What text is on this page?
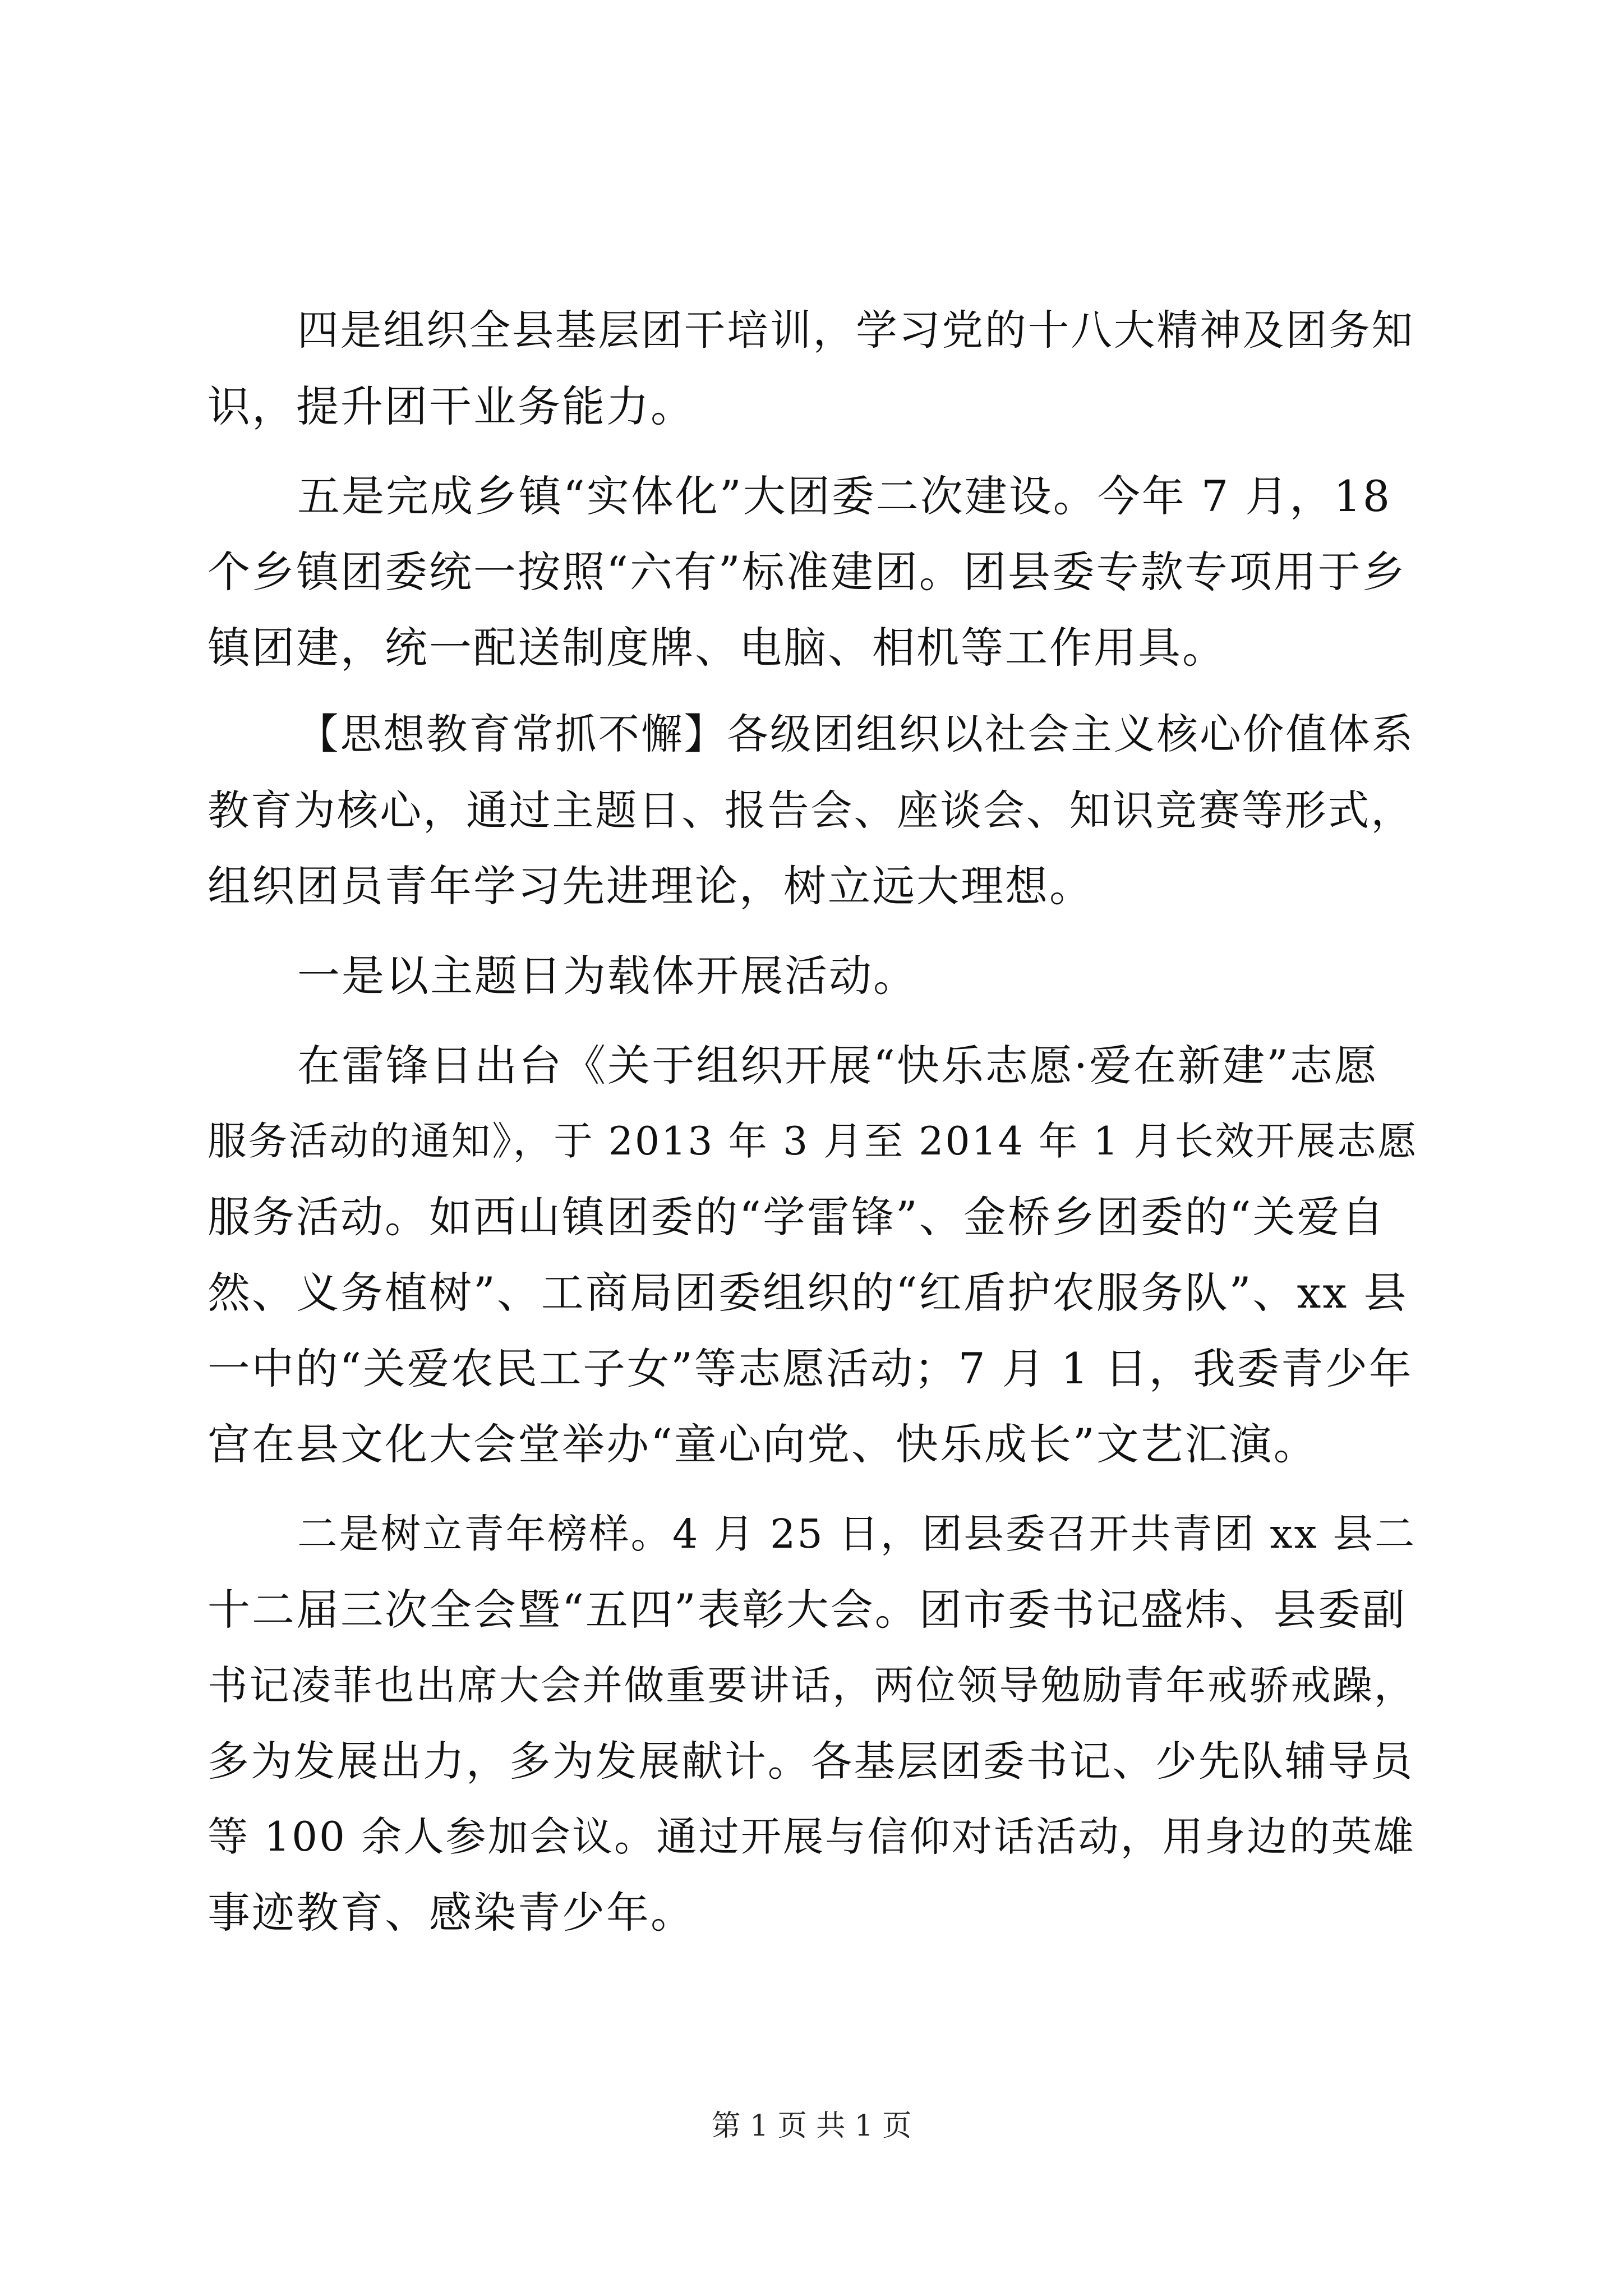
四是组织全县基层团干培训，学习党的十八大精神及团务知
识，提升团干业务能力。
五是完成乡镇“实体化”大团委二次建设。今年 7 月，18
个乡镇团委统一按照“六有”标准建团。团县委专款专项用于乡
镇团建，统一配送制度牌、电脑、相机等工作用具。
【思想教育常抓不懈】各级团组织以社会主义核心价值体系
教育为核心，通过主题日、报告会、座谈会、知识竞赛等形式，
组织团员青年学习先进理论，树立远大理想。
一是以主题日为载体开展活动。
在雷锋日出台《关于组织开展“快乐志愿·爱在新建”志愿
服务活动的通知》，于 2013 年 3 月至 2014 年 1 月长效开展志愿
服务活动。如西山镇团委的“学雷锋”、金桥乡团委的“关爱自
然、义务植树”、工商局团委组织的“红盾护农服务队”、xx 县
一中的“关爱农民工子女”等志愿活动；7 月 1 日，我委青少年
宫在县文化大会堂举办“童心向党、快乐成长”文艺汇演。
二是树立青年榜样。4 月 25 日，团县委召开共青团 xx 县二
十二届三次全会暨“五四”表彰大会。团市委书记盛炜、县委副
书记凌菲也出席大会并做重要讲话，两位领导勉励青年戒骄戒躁，
多为发展出力，多为发展献计。各基层团委书记、少先队辅导员
等 100 余人参加会议。通过开展与信仰对话活动，用身边的英雄
事迹教育、感染青少年。
第 1 页 共 1 页
